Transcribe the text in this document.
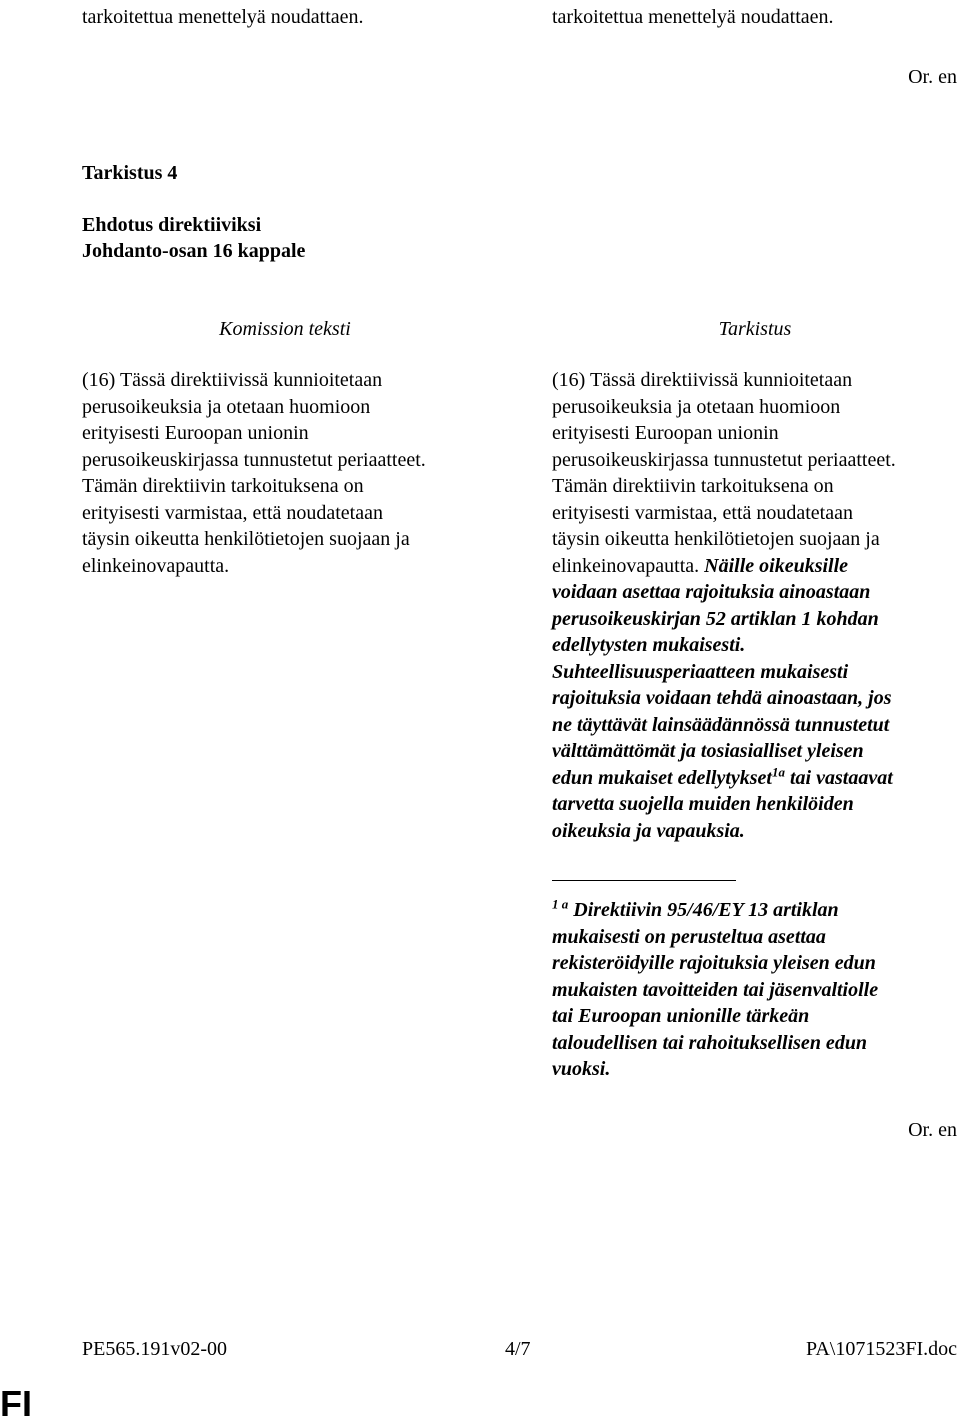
tarkoitettua menettelyä noudattaen.	tarkoitettua menettelyä noudattaen.
Or. en
Tarkistus 4
Ehdotus direktiiviksi
Johdanto-osan 16 kappale
Komission teksti	Tarkistus
(16) Tässä direktiivissä kunnioitetaan
perusoikeuksia ja otetaan huomioon
erityisesti Euroopan unionin
perusoikeuskirjassa tunnustetut periaatteet.
Tämän direktiivin tarkoituksena on
erityisesti varmistaa, että noudatetaan
täysin oikeutta henkilötietojen suojaan ja
elinkeinovapautta.
(16) Tässä direktiivissä kunnioitetaan
perusoikeuksia ja otetaan huomioon
erityisesti Euroopan unionin
perusoikeuskirjassa tunnustetut periaatteet.
Tämän direktiivin tarkoituksena on
erityisesti varmistaa, että noudatetaan
täysin oikeutta henkilötietojen suojaan ja
elinkeinovapautta. Näille oikeuksille
voidaan asettaa rajoituksia ainoastaan
perusoikeuskirjan 52 artiklan 1 kohdan
edellytysten mukaisesti.
Suhteellisuusperiaatteen mukaisesti
rajoituksia voidaan tehdä ainoastaan, jos
ne täyttävät lainsäädännössä tunnustetut
välttämättömät ja tosiasialliset yleisen
edun mukaiset edellytykset$^{1a}$ tai vastaavat
tarvetta suojella muiden henkilöiden
oikeuksia ja vapauksia.
$^{1 a}$ Direktiivin 95/46/EY 13 artiklan
mukaisesti on perusteltua asettaa
rekisteröidyille rajoituksia yleisen edun
mukaisten tavoitteiden tai jäsenvaltiolle
tai Euroopan unionille tärkeän
taloudellisen tai rahoituksellisen edun
vuoksi.
Or. en
PE565.191v02-00	4/7	PA\1071523FI.doc
FI
